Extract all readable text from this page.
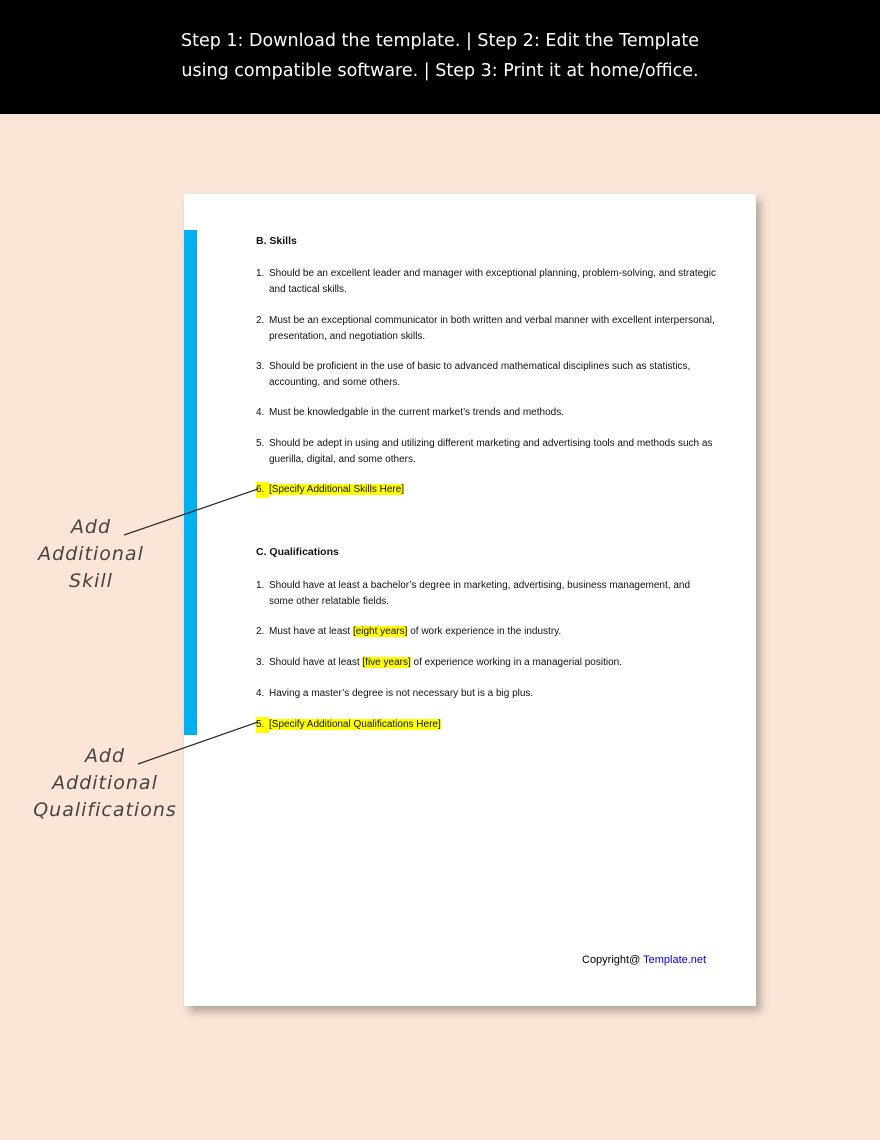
Step 1: Download the template. | Step 2: Edit the Template
using compatible software. | Step 3: Print it at home/office.
B. Skills
1. Should be an excellent leader and manager with exceptional planning, problem-solving, and strategic and tactical skills.
2. Must be an exceptional communicator in both written and verbal manner with excellent interpersonal, presentation, and negotiation skills.
3. Should be proficient in the use of basic to advanced mathematical disciplines such as statistics, accounting, and some others.
4. Must be knowledgable in the current market’s trends and methods.
5. Should be adept in using and utilizing different marketing and advertising tools and methods such as guerilla, digital, and some others.
6. [Specify Additional Skills Here]
C. Qualifications
1. Should have at least a bachelor’s degree in marketing, advertising, business management, and some other relatable fields.
2. Must have at least [eight years] of work experience in the industry.
3. Should have at least [five years] of experience working in a managerial position.
4. Having a master’s degree is not necessary but is a big plus.
5. [Specify Additional Qualifications Here]
Copyright@ Template.net
Add
Additional
Skill
Add
Additional
Qualifications
